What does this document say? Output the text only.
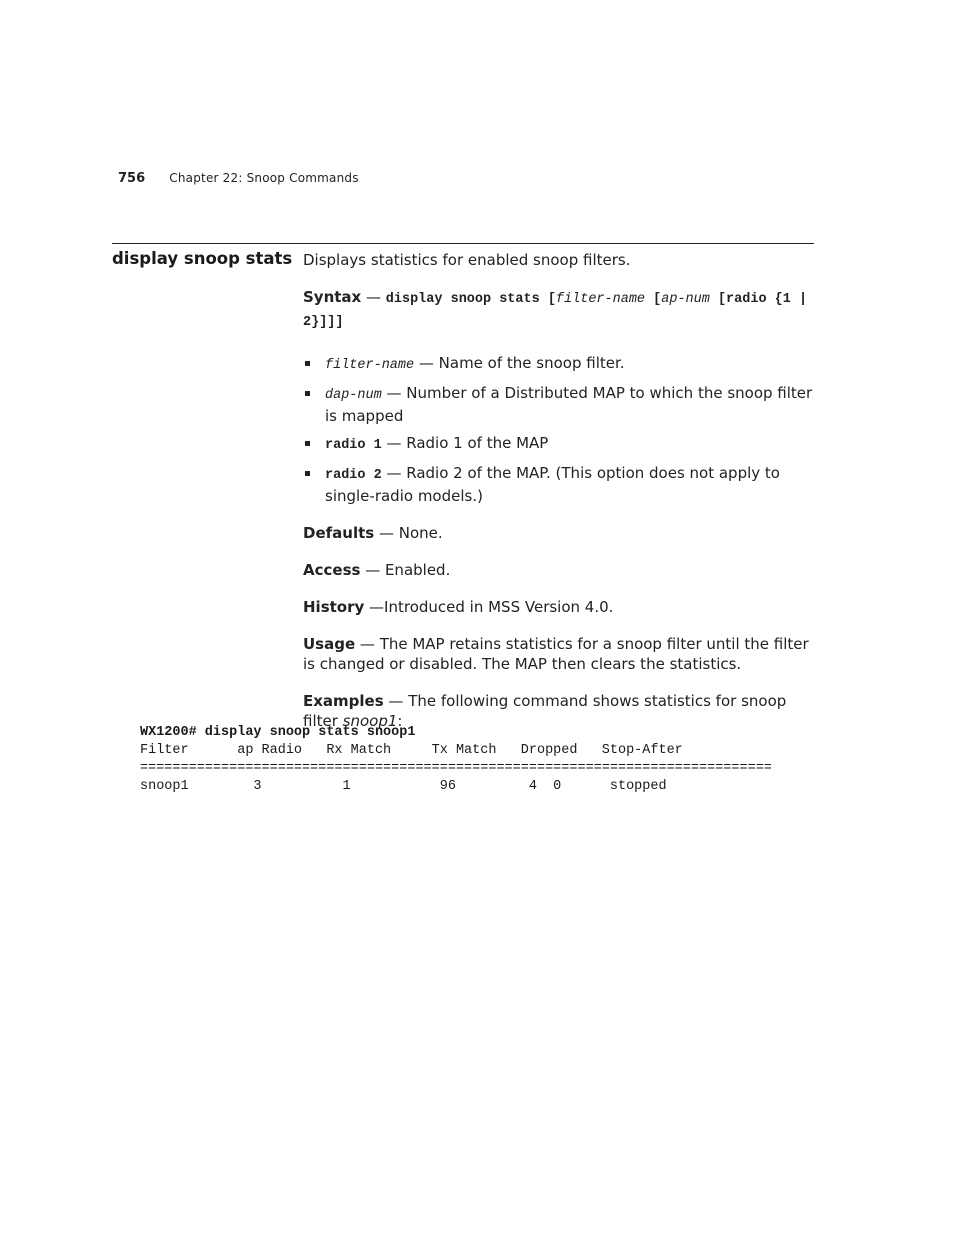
756 Chapter 22: Snoop Commands
display snoop stats Displays statistics for enabled snoop filters.

Syntax — display snoop stats [filter-name [ap-num [radio {1 | 2}]]]

filter-name — Name of the snoop filter.
dap-num — Number of a Distributed MAP to which the snoop filter is mapped
radio 1 — Radio 1 of the MAP
radio 2 — Radio 2 of the MAP. (This option does not apply to single-radio models.)

Defaults — None.

Access — Enabled.

History —Introduced in MSS Version 4.0.

Usage — The MAP retains statistics for a snoop filter until the filter is changed or disabled. The MAP then clears the statistics.

Examples — The following command shows statistics for snoop filter snoop1:

WX1200# display snoop stats snoop1
Filter      ap Radio   Rx Match     Tx Match   Dropped   Stop-After
==============================================================================
snoop1        3          1           96         4  0      stopped
